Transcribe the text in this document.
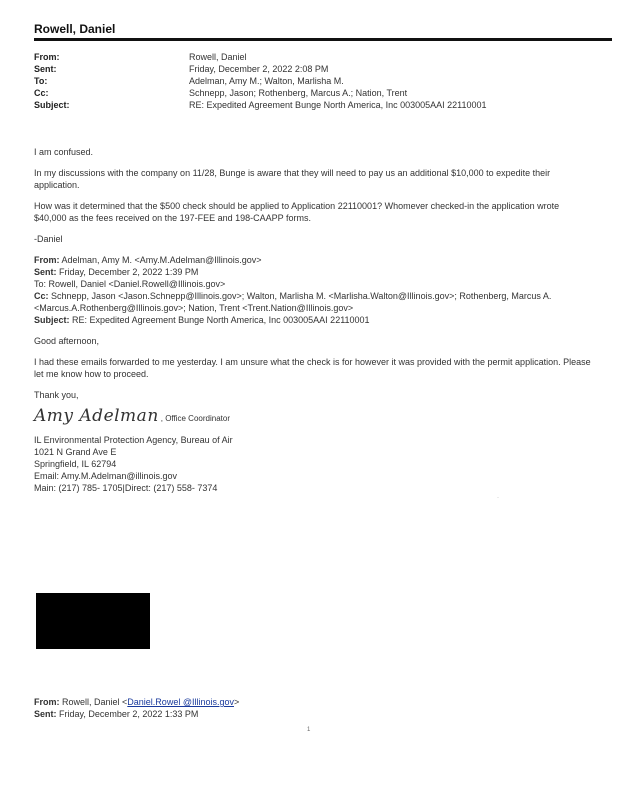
Rowell, Daniel
From:	Rowell, Daniel
Sent:	Friday, December 2, 2022 2:08 PM
To:	Adelman, Amy M.; Walton, Marlisha M.
Cc:	Schnepp, Jason; Rothenberg, Marcus A.; Nation, Trent
Subject:	RE: Expedited Agreement Bunge North America, Inc 003005AAI 22110001

I am confused.

In my discussions with the company on 11/28, Bunge is aware that they will need to pay us an additional $10,000 to expedite their application.

How was it determined that the $500 check should be applied to Application 22110001? Whomever checked-in the application wrote $40,000 as the fees received on the 197-FEE and 198-CAAPP forms.

-Daniel

From: Adelman, Amy M. <Amy.M.Adelman@Illinois.gov>
Sent: Friday, December 2, 2022 1:39 PM
To: Rowell, Daniel <Daniel.Rowell@Illinois.gov>
Cc: Schnepp, Jason <Jason.Schnepp@Illinois.gov>; Walton, Marlisha M. <Marlisha.Walton@Illinois.gov>; Rothenberg, Marcus A. <Marcus.A.Rothenberg@Illinois.gov>; Nation, Trent <Trent.Nation@Illinois.gov>
Subject: RE: Expedited Agreement Bunge North America, Inc 003005AAI 22110001

Good afternoon,

I had these emails forwarded to me yesterday. I am unsure what the check is for however it was provided with the permit application. Please let me know how to proceed.

Thank you,

Amy Adelman , Office Coordinator
IL Environmental Protection Agency, Bureau of Air
1021 N Grand Ave E
Springfield, IL 62794
Email: Amy.M.Adelman@illinois.gov
Main: (217) 785- 1705|Direct: (217) 558- 7374
·
From: Rowell, Daniel <Daniel.Rowel @Illinois.gov>
Sent: Friday, December 2, 2022 1:33 PM
1
